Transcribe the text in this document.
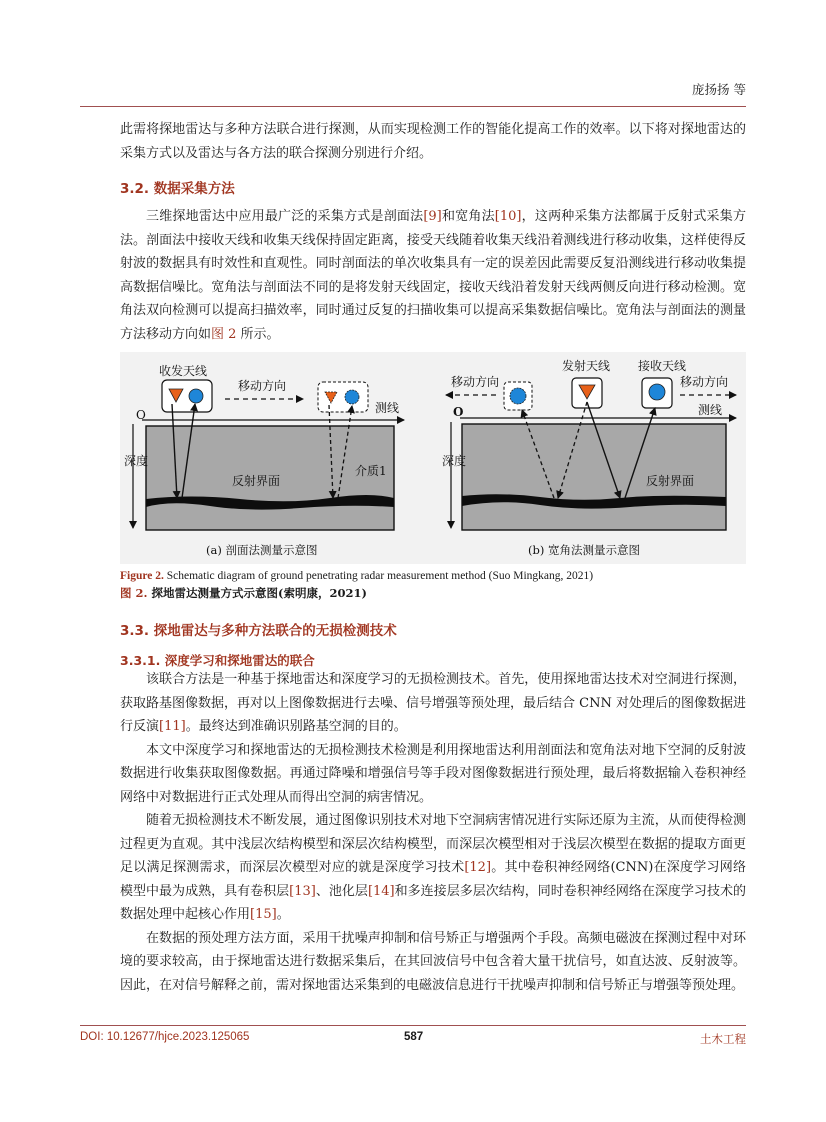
庞扬扬 等

此需将探地雷达与多种方法联合进行探测，从而实现检测工作的智能化提高工作的效率。以下将对探地雷达的采集方式以及雷达与各方法的联合探测分别进行介绍。

3.2. 数据采集方法

三维探地雷达中应用最广泛的采集方式是剖面法[9]和宽角法[10]，这两种采集方法都属于反射式采集方法。剖面法中接收天线和收集天线保持固定距离，接受天线随着收集天线沿着测线进行移动收集，这样使得反射波的数据具有时效性和直观性。同时剖面法的单次收集具有一定的误差因此需要反复沿测线进行移动收集提高数据信噪比。宽角法与剖面法不同的是将发射天线固定，接收天线沿着发射天线两侧反向进行移动检测。宽角法双向检测可以提高扫描效率，同时通过反复的扫描收集可以提高采集数据信噪比。宽角法与剖面法的测量方法移动方向如图 2 所示。

收发天线
移动方向
O	测线
深度
反射界面
介质1
(a) 剖面法测量示意图
发射天线 接收天线
移动方向	移动方向
O	测线
深度
反射界面
(b) 宽角法测量示意图
Figure 2. Schematic diagram of ground penetrating radar measurement method (Suo Mingkang, 2021)
图 2. 探地雷达测量方式示意图(索明康，2021)
3.3. 探地雷达与多种方法联合的无损检测技术
3.3.1. 深度学习和探地雷达的联合

该联合方法是一种基于探地雷达和深度学习的无损检测技术。首先，使用探地雷达技术对空洞进行探测，获取路基图像数据，再对以上图像数据进行去噪、信号增强等预处理，最后结合 CNN 对处理后的图像数据进行反演[11]。最终达到准确识别路基空洞的目的。

本文中深度学习和探地雷达的无损检测技术检测是利用探地雷达利用剖面法和宽角法对地下空洞的反射波数据进行收集获取图像数据。再通过降噪和增强信号等手段对图像数据进行预处理，最后将数据输入卷积神经网络中对数据进行正式处理从而得出空洞的病害情况。

随着无损检测技术不断发展，通过图像识别技术对地下空洞病害情况进行实际还原为主流，从而使得检测过程更为直观。其中浅层次结构模型和深层次结构模型，而深层次模型相对于浅层次模型在数据的提取方面更足以满足探测需求，而深层次模型对应的就是深度学习技术[12]。其中卷积神经网络(CNN)在深度学习网络模型中最为成熟，具有卷积层[13]、池化层[14]和多连接层多层次结构，同时卷积神经网络在深度学习技术的数据处理中起核心作用[15]。

在数据的预处理方法方面，采用干扰噪声抑制和信号矫正与增强两个手段。高频电磁波在探测过程中对环境的要求较高，由于探地雷达进行数据采集后，在其回波信号中包含着大量干扰信号，如直达波、反射波等。因此，在对信号解释之前，需对探地雷达采集到的电磁波信息进行干扰噪声抑制和信号矫正与增强等预处理。

DOI: 10.12677/hjce.2023.125065	587	土木工程
